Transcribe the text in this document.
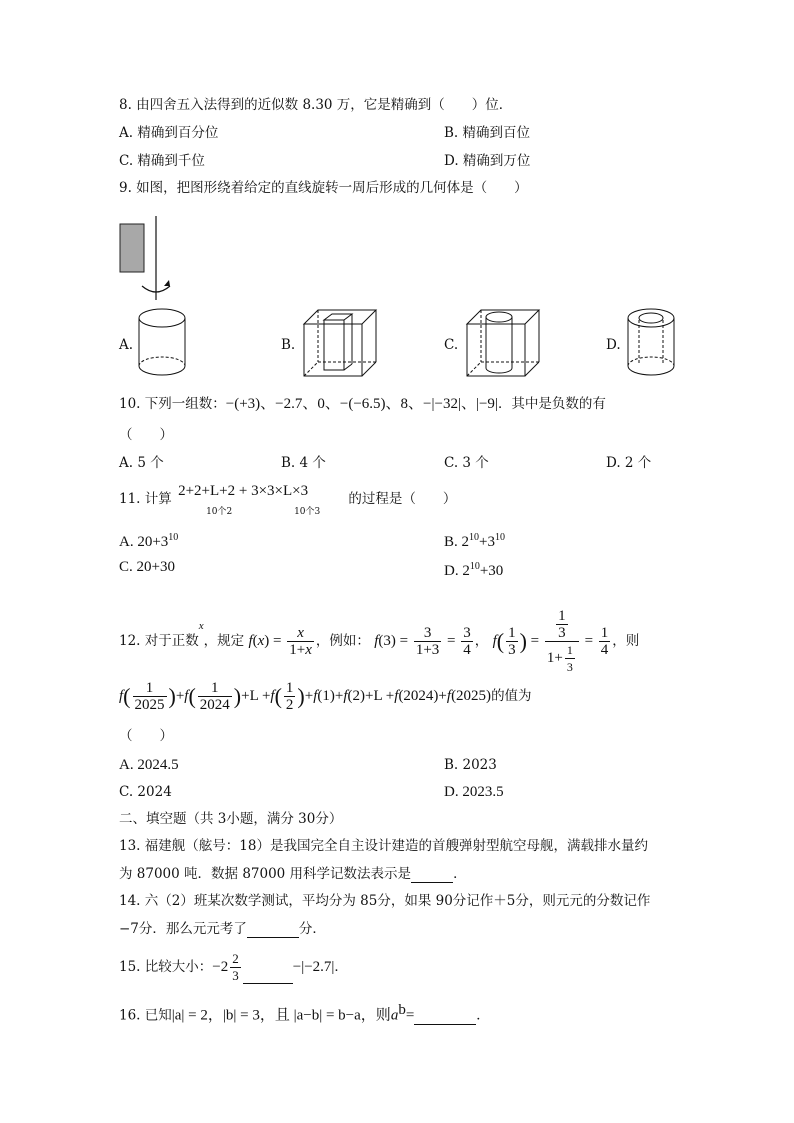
8. 由四舍五入法得到的近似数 8.30 万，它是精确到（　　）位．
A. 精确到百分位	B. 精确到百位
C. 精确到千位	D. 精确到万位
9. 如图，把图形绕着给定的直线旋转一周后形成的几何体是（　　）
A.	B.	C.	D.
10. 下列一组数：−(+3)、−2.7、0、−(−6.5)、8、−|−32|、|−9|．其中是负数的有
（　　）
A. 5 个	B. 4 个	C. 3 个	D. 2 个
11. 计算 2+2+L+2 + 3×3×L×3
10个2	10个3
的过程是（　　）
A. $20+3^{10}$	B. $2^{10}+3^{10}$
C. 20+30	D. $2^{10}+30$
12. 对于正数$^x$，规定 $f(x) = \frac{x}{1+x}$ ，例如： $f(3) = \frac{3}{1+3} = \frac{3}{4}$ ， $f( \frac{1}{3}$ ) = $\frac{\frac{1}{3}}{1+ \frac{1}{3}} = \frac{1}{4}$ ，则
$f( \frac{1}{2025} )+f( \frac{1}{2024} )+L +f( \frac{1}{2} )+f(1)+f(2)+L +f(2024)+f(2025)$的值为
（　　）
A. 2024.5	B. 2023
C. 2024	D. 2023.5
二、填空题（共 3小题，满分 30分）
13. 福建舰（舷号：18）是我国完全自主设计建造的首艘弹射型航空母舰，满载排水量约
为 87000 吨．数据 87000 用科学记数法表示是	．
14. 六（2）班某次数学测试，平均分为 85分，如果 90分记作＋5分，则元元的分数记作
−7分．那么元元考了	分．
15. 比较大小：$-2 \frac{2}{3}$	−|−2.7|．
16. 已知|a| = 2，|b| = 3，且 |a−b| = b−a，则$a^b=$	．
